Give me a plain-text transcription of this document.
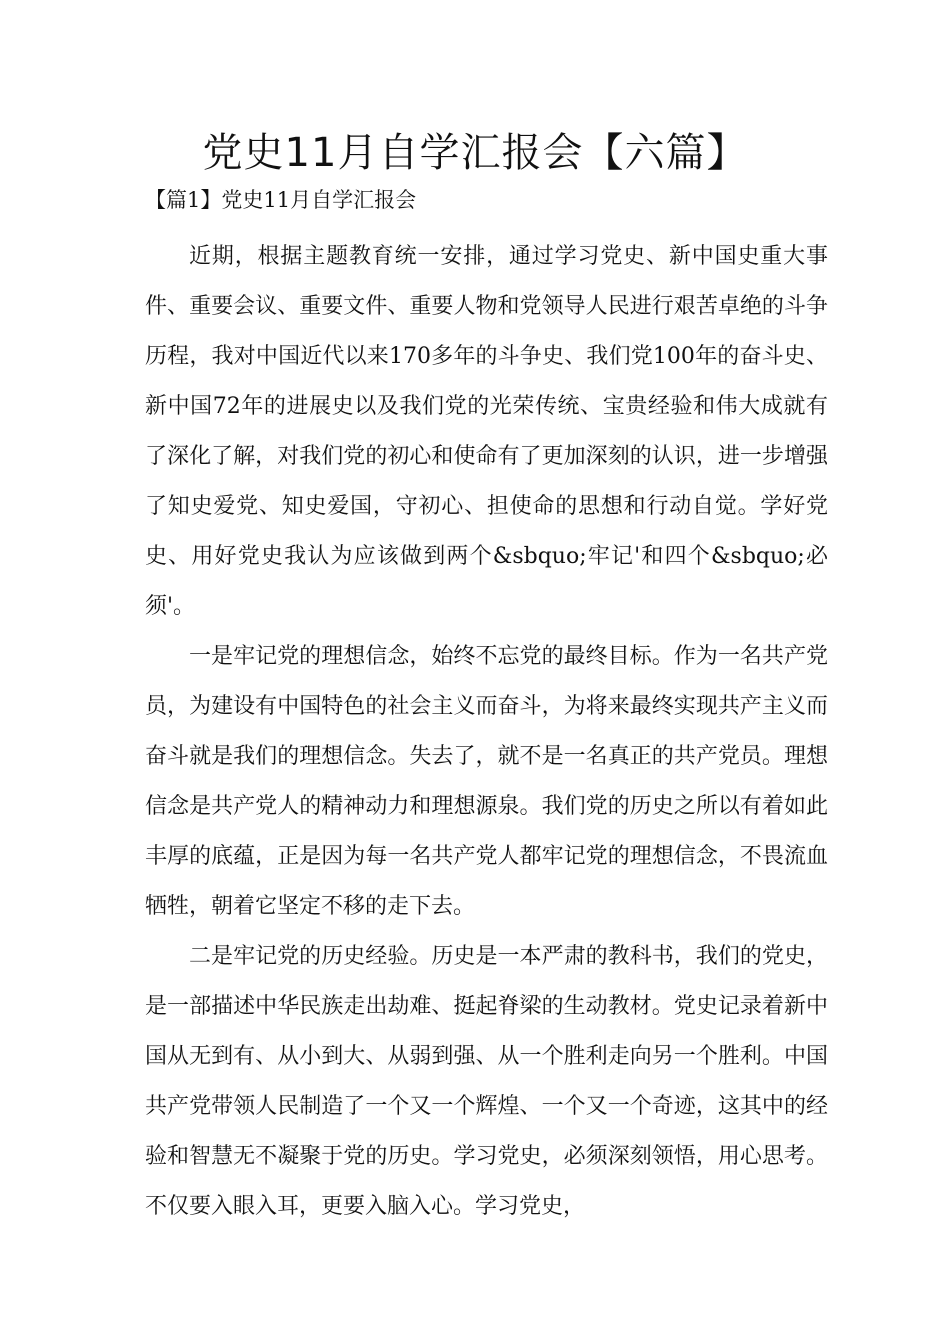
党史11月自学汇报会【六篇】

【篇1】党史11月自学汇报会

近期，根据主题教育统一安排，通过学习党史、新中国史重大事件、重要会议、重要文件、重要人物和党领导人民进行艰苦卓绝的斗争历程，我对中国近代以来170多年的斗争史、我们党100年的奋斗史、新中国72年的进展史以及我们党的光荣传统、宝贵经验和伟大成就有了深化了解，对我们党的初心和使命有了更加深刻的认识，进一步增强了知史爱党、知史爱国，守初心、担使命的思想和行动自觉。学好党史、用好党史我认为应该做到两个&sbquo;牢记'和四个&sbquo;必须'。

一是牢记党的理想信念，始终不忘党的最终目标。作为一名共产党员，为建设有中国特色的社会主义而奋斗，为将来最终实现共产主义而奋斗就是我们的理想信念。失去了，就不是一名真正的共产党员。理想信念是共产党人的精神动力和理想源泉。我们党的历史之所以有着如此丰厚的底蕴，正是因为每一名共产党人都牢记党的理想信念，不畏流血牺牲，朝着它坚定不移的走下去。

二是牢记党的历史经验。历史是一本严肃的教科书，我们的党史，是一部描述中华民族走出劫难、挺起脊梁的生动教材。党史记录着新中国从无到有、从小到大、从弱到强、从一个胜利走向另一个胜利。中国共产党带领人民制造了一个又一个辉煌、一个又一个奇迹，这其中的经验和智慧无不凝聚于党的历史。学习党史，必须深刻领悟，用心思考。不仅要入眼入耳，更要入脑入心。学习党史，
